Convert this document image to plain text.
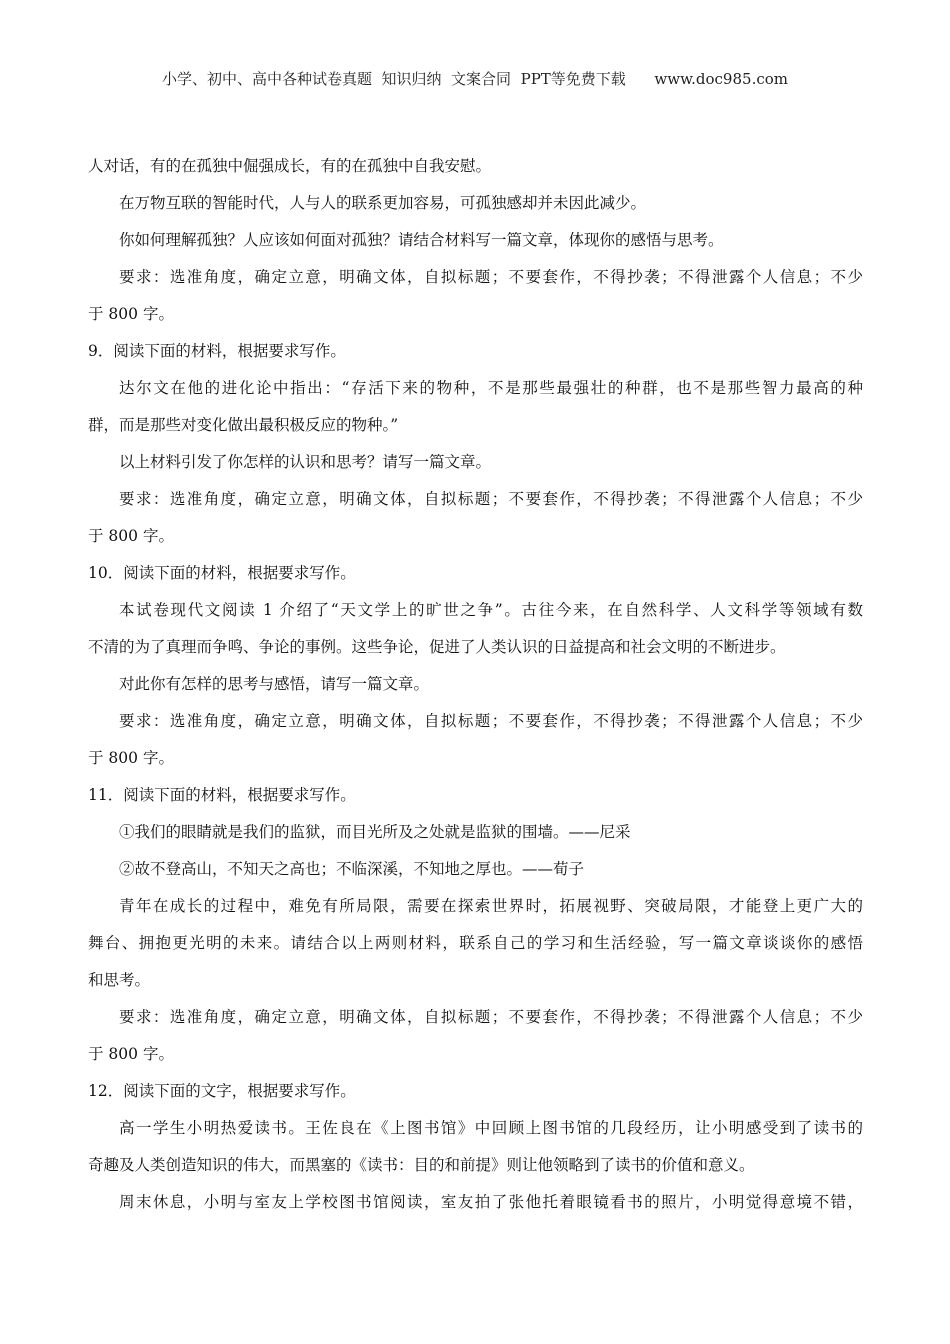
小学、初中、高中各种试卷真题  知识归纳  文案合同  PPT等免费下载      www.doc985.com
人对话，有的在孤独中倔强成长，有的在孤独中自我安慰。
在万物互联的智能时代，人与人的联系更加容易，可孤独感却并未因此减少。
你如何理解孤独？人应该如何面对孤独？请结合材料写一篇文章，体现你的感悟与思考。
要求：选准角度，确定立意，明确文体，自拟标题；不要套作，不得抄袭；不得泄露个人信息；不少
于 800 字。
9．阅读下面的材料，根据要求写作。
达尔文在他的进化论中指出：“存活下来的物种，不是那些最强壮的种群，也不是那些智力最高的种
群，而是那些对变化做出最积极反应的物种。”
以上材料引发了你怎样的认识和思考？请写一篇文章。
要求：选准角度，确定立意，明确文体，自拟标题；不要套作，不得抄袭；不得泄露个人信息；不少
于 800 字。
10．阅读下面的材料，根据要求写作。
本试卷现代文阅读 1 介绍了“天文学上的旷世之争”。古往今来，在自然科学、人文科学等领域有数
不清的为了真理而争鸣、争论的事例。这些争论，促进了人类认识的日益提高和社会文明的不断进步。
对此你有怎样的思考与感悟，请写一篇文章。
要求：选准角度，确定立意，明确文体，自拟标题；不要套作，不得抄袭；不得泄露个人信息；不少
于 800 字。
11．阅读下面的材料，根据要求写作。
①我们的眼睛就是我们的监狱，而目光所及之处就是监狱的围墙。——尼采
②故不登高山，不知天之高也；不临深溪，不知地之厚也。——荀子
青年在成长的过程中，难免有所局限，需要在探索世界时，拓展视野、突破局限，才能登上更广大的
舞台、拥抱更光明的未来。请结合以上两则材料，联系自己的学习和生活经验，写一篇文章谈谈你的感悟
和思考。
要求：选准角度，确定立意，明确文体，自拟标题；不要套作，不得抄袭；不得泄露个人信息；不少
于 800 字。
12．阅读下面的文字，根据要求写作。
高一学生小明热爱读书。王佐良在《上图书馆》中回顾上图书馆的几段经历，让小明感受到了读书的
奇趣及人类创造知识的伟大，而黑塞的《读书：目的和前提》则让他领略到了读书的价值和意义。
周末休息，小明与室友上学校图书馆阅读，室友拍了张他托着眼镜看书的照片，小明觉得意境不错，
